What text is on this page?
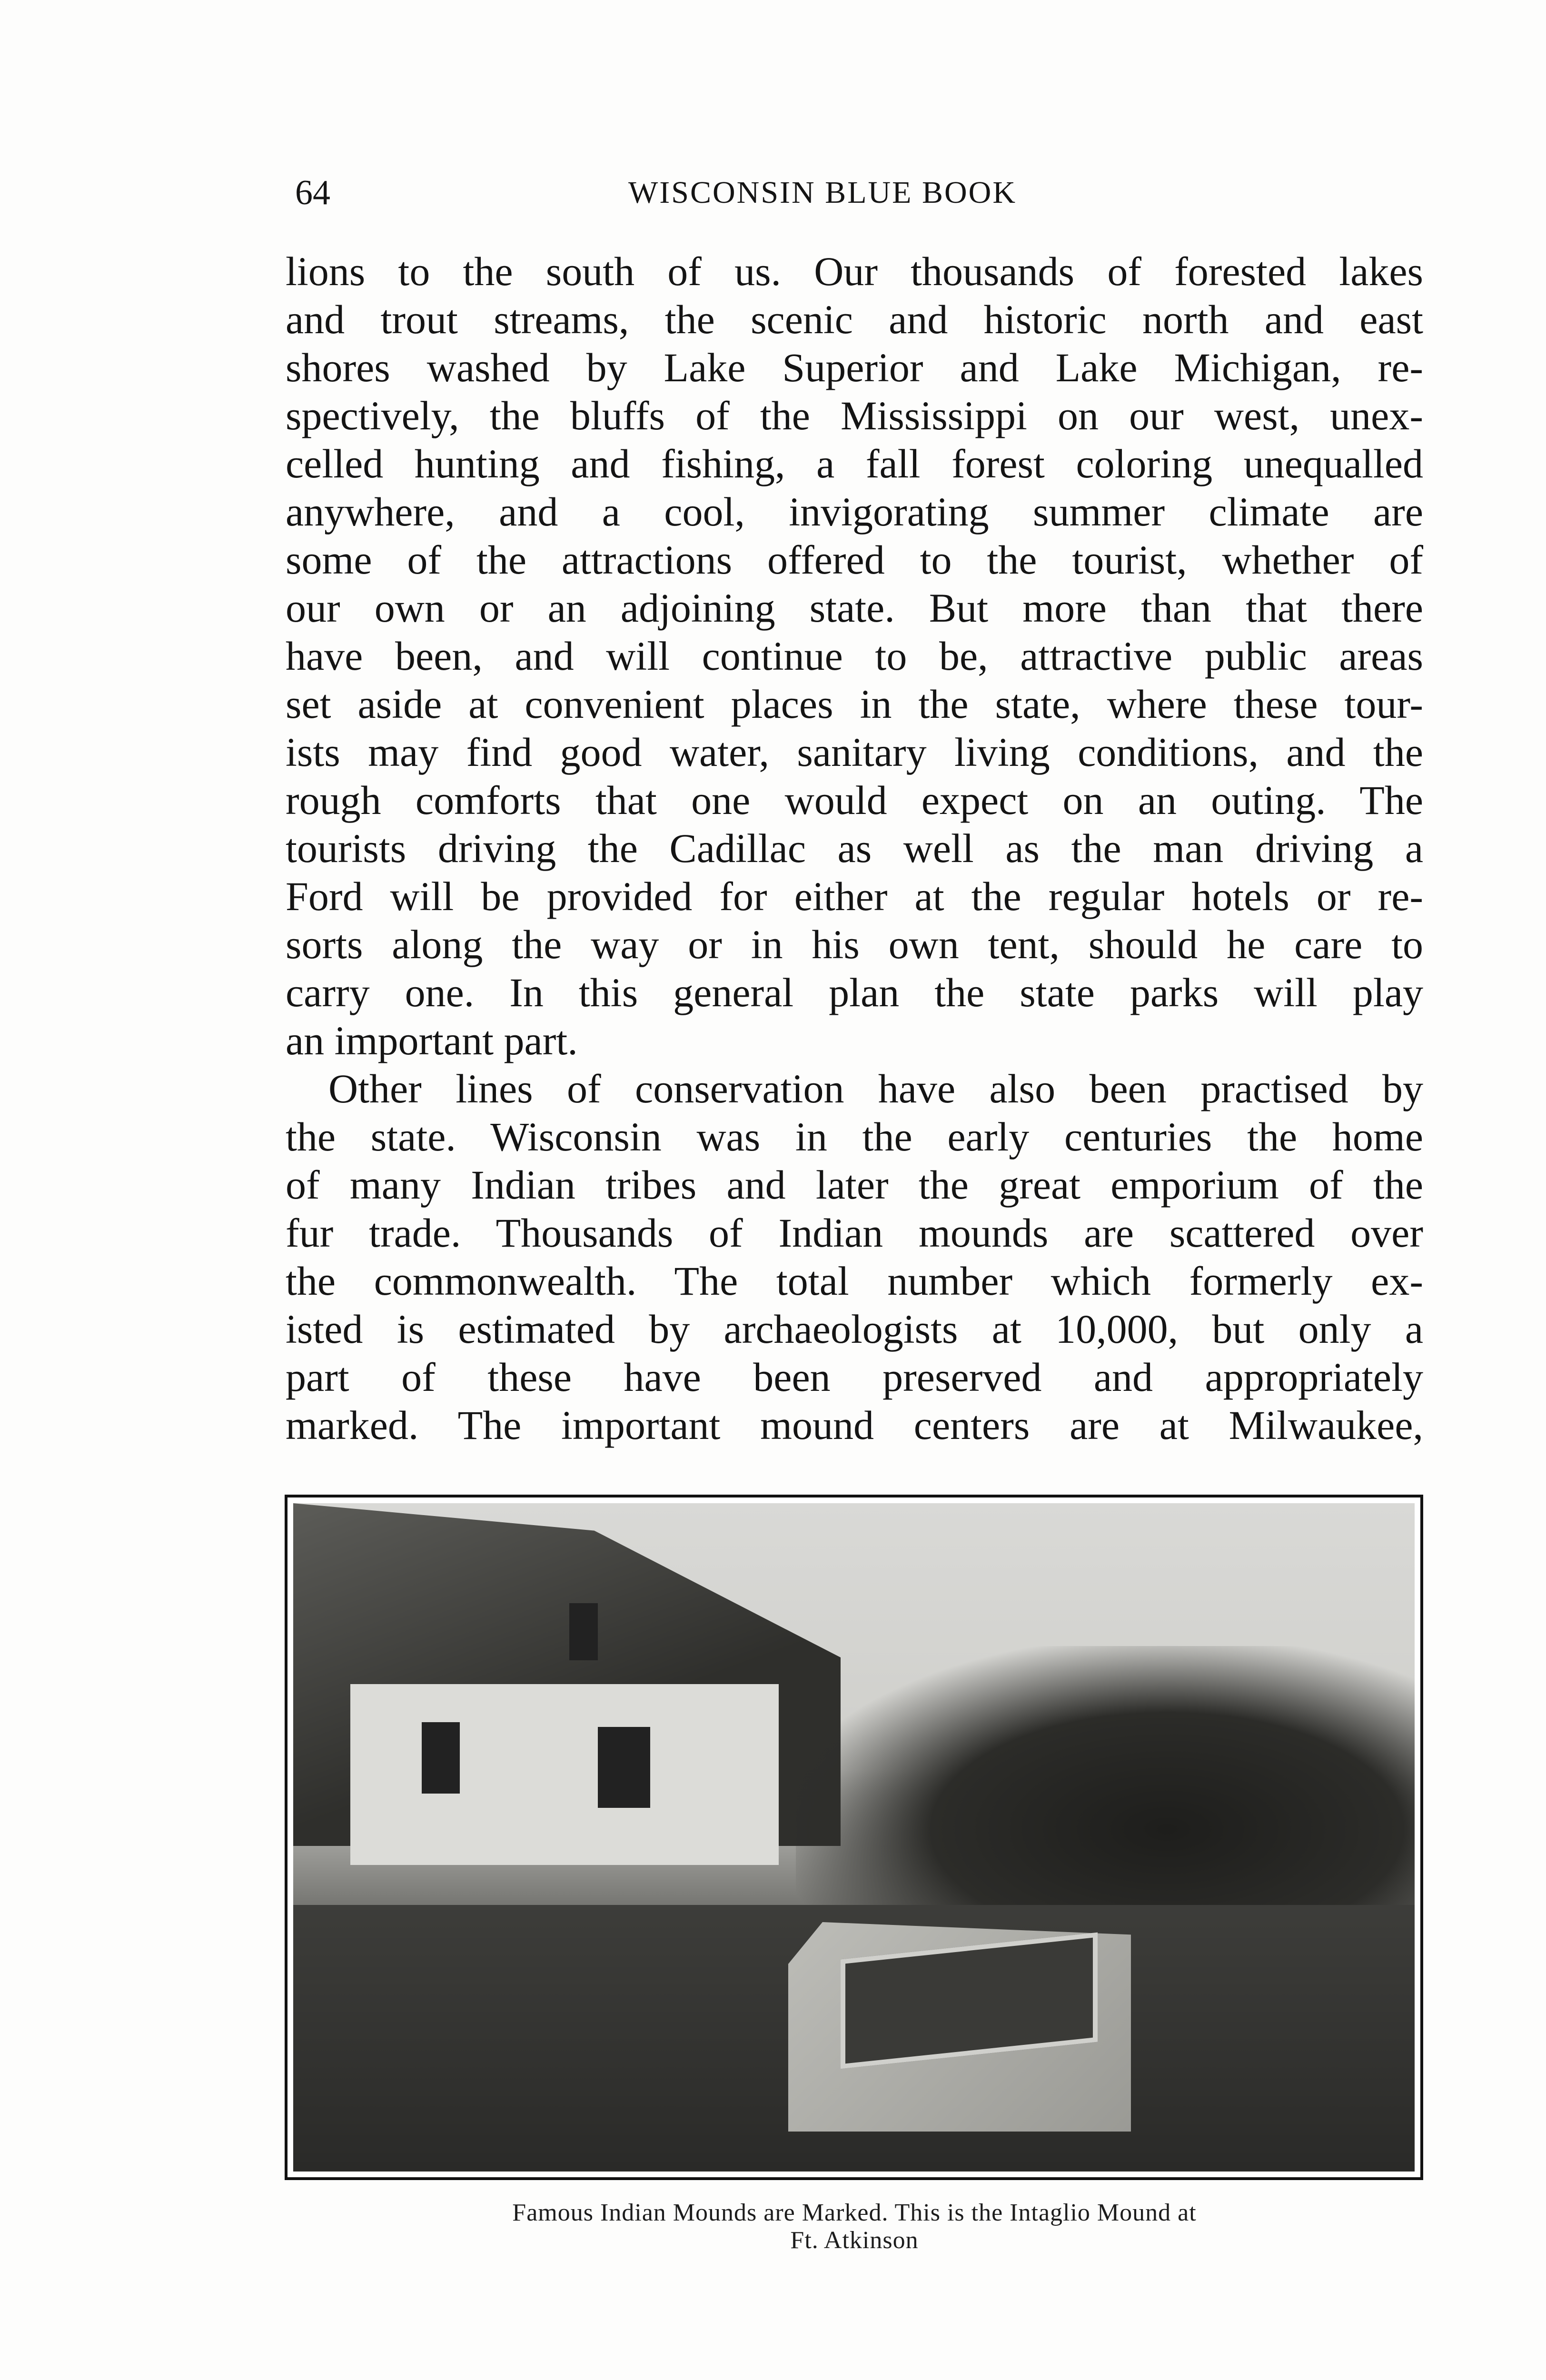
64	WISCONSIN BLUE BOOK

lions to the south of us. Our thousands of forested lakes
and trout streams, the scenic and historic north and east
shores washed by Lake Superior and Lake Michigan, re-
spectively, the bluffs of the Mississippi on our west, unex-
celled hunting and fishing, a fall forest coloring unequalled
anywhere, and a cool, invigorating summer climate are
some of the attractions offered to the tourist, whether of
our own or an adjoining state. But more than that there
have been, and will continue to be, attractive public areas
set aside at convenient places in the state, where these tour-
ists may find good water, sanitary living conditions, and the
rough comforts that one would expect on an outing. The
tourists driving the Cadillac as well as the man driving a
Ford will be provided for either at the regular hotels or re-
sorts along the way or in his own tent, should he care to
carry one. In this general plan the state parks will play
an important part.

Other lines of conservation have also been practised by
the state. Wisconsin was in the early centuries the home
of many Indian tribes and later the great emporium of the
fur trade. Thousands of Indian mounds are scattered over
the commonwealth. The total number which formerly ex-
isted is estimated by archaeologists at 10,000, but only a
part of these have been preserved and appropriately
marked. The important mound centers are at Milwaukee,

Famous Indian Mounds are Marked. This is the Intaglio Mound at
Ft. Atkinson
